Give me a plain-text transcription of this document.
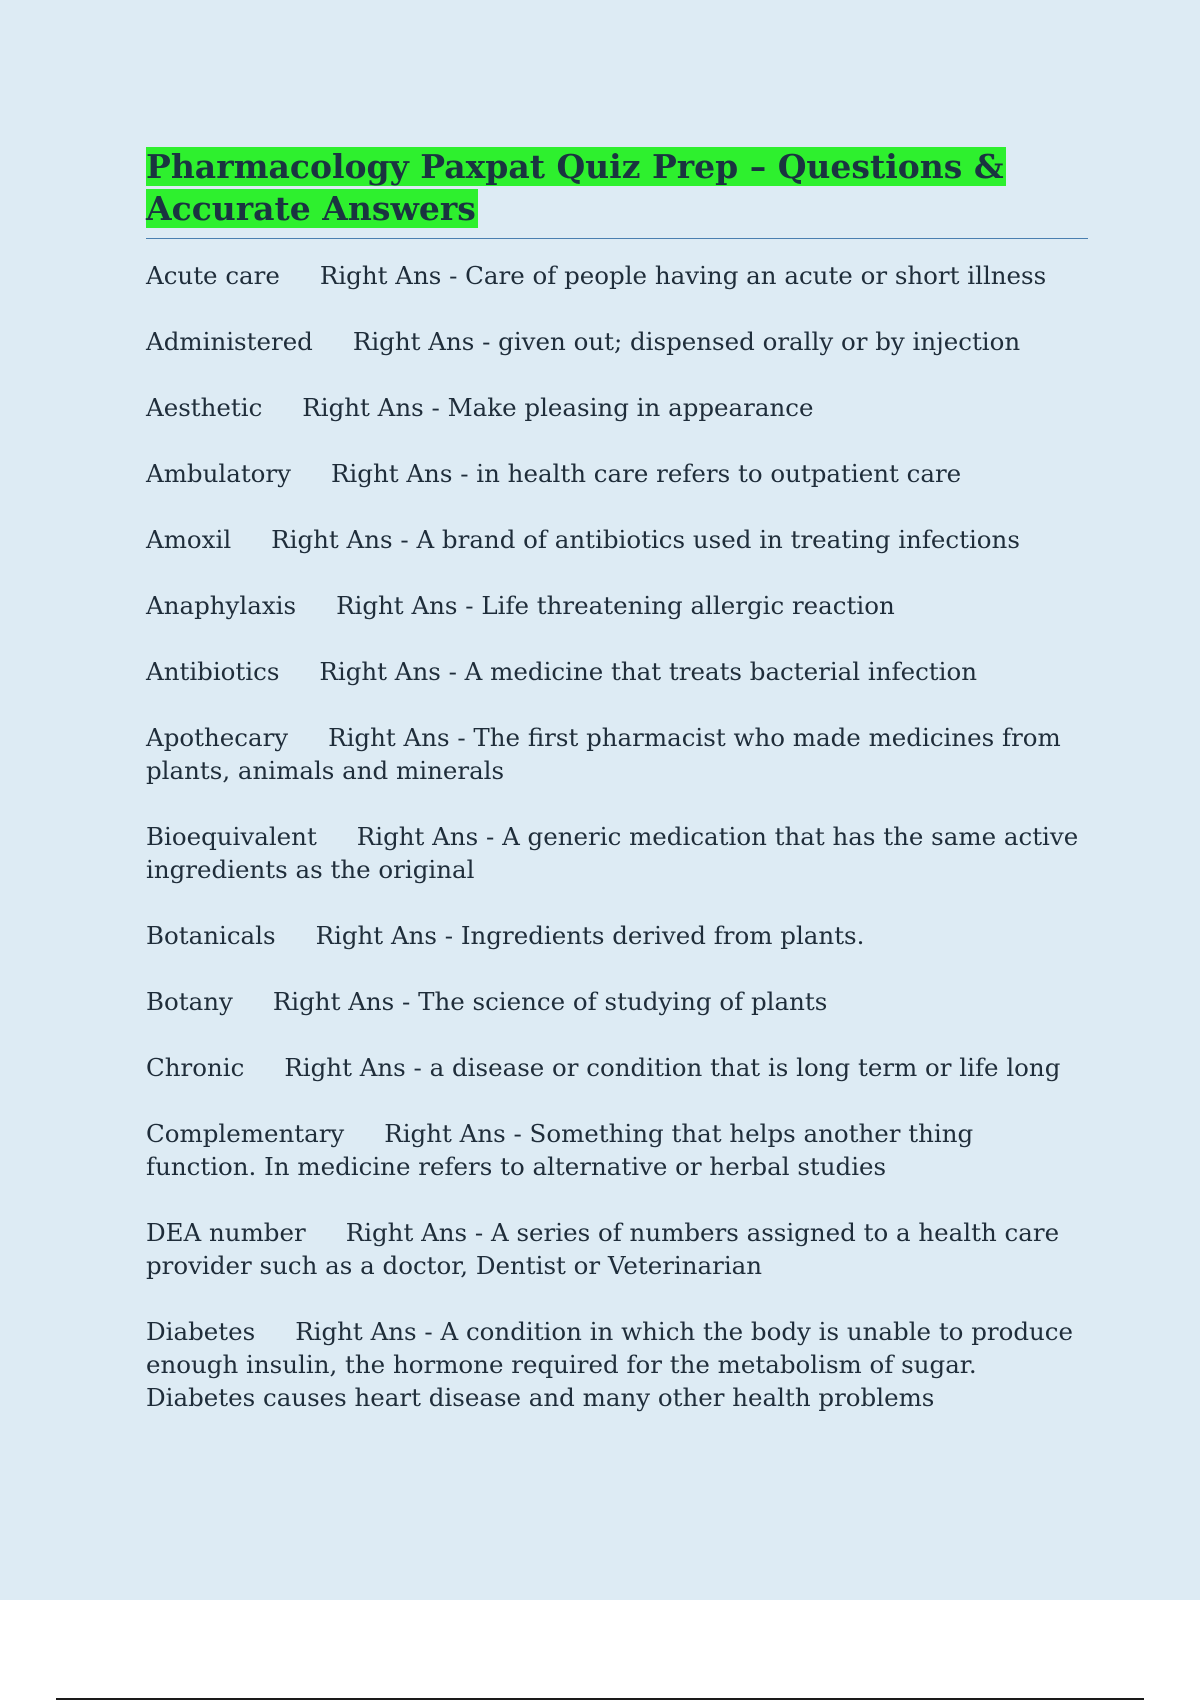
Pharmacology Paxpat Quiz Prep – Questions & Accurate Answers

Acute care Right Ans - Care of people having an acute or short illness

Administered Right Ans - given out; dispensed orally or by injection

Aesthetic Right Ans - Make pleasing in appearance

Ambulatory Right Ans - in health care refers to outpatient care

Amoxil Right Ans - A brand of antibiotics used in treating infections

Anaphylaxis Right Ans - Life threatening allergic reaction

Antibiotics Right Ans - A medicine that treats bacterial infection

Apothecary Right Ans - The first pharmacist who made medicines from plants, animals and minerals

Bioequivalent Right Ans - A generic medication that has the same active ingredients as the original

Botanicals Right Ans - Ingredients derived from plants.

Botany Right Ans - The science of studying of plants

Chronic Right Ans - a disease or condition that is long term or life long

Complementary Right Ans - Something that helps another thing function. In medicine refers to alternative or herbal studies

DEA number Right Ans - A series of numbers assigned to a health care provider such as a doctor, Dentist or Veterinarian

Diabetes Right Ans - A condition in which the body is unable to produce enough insulin, the hormone required for the metabolism of sugar. Diabetes causes heart disease and many other health problems
